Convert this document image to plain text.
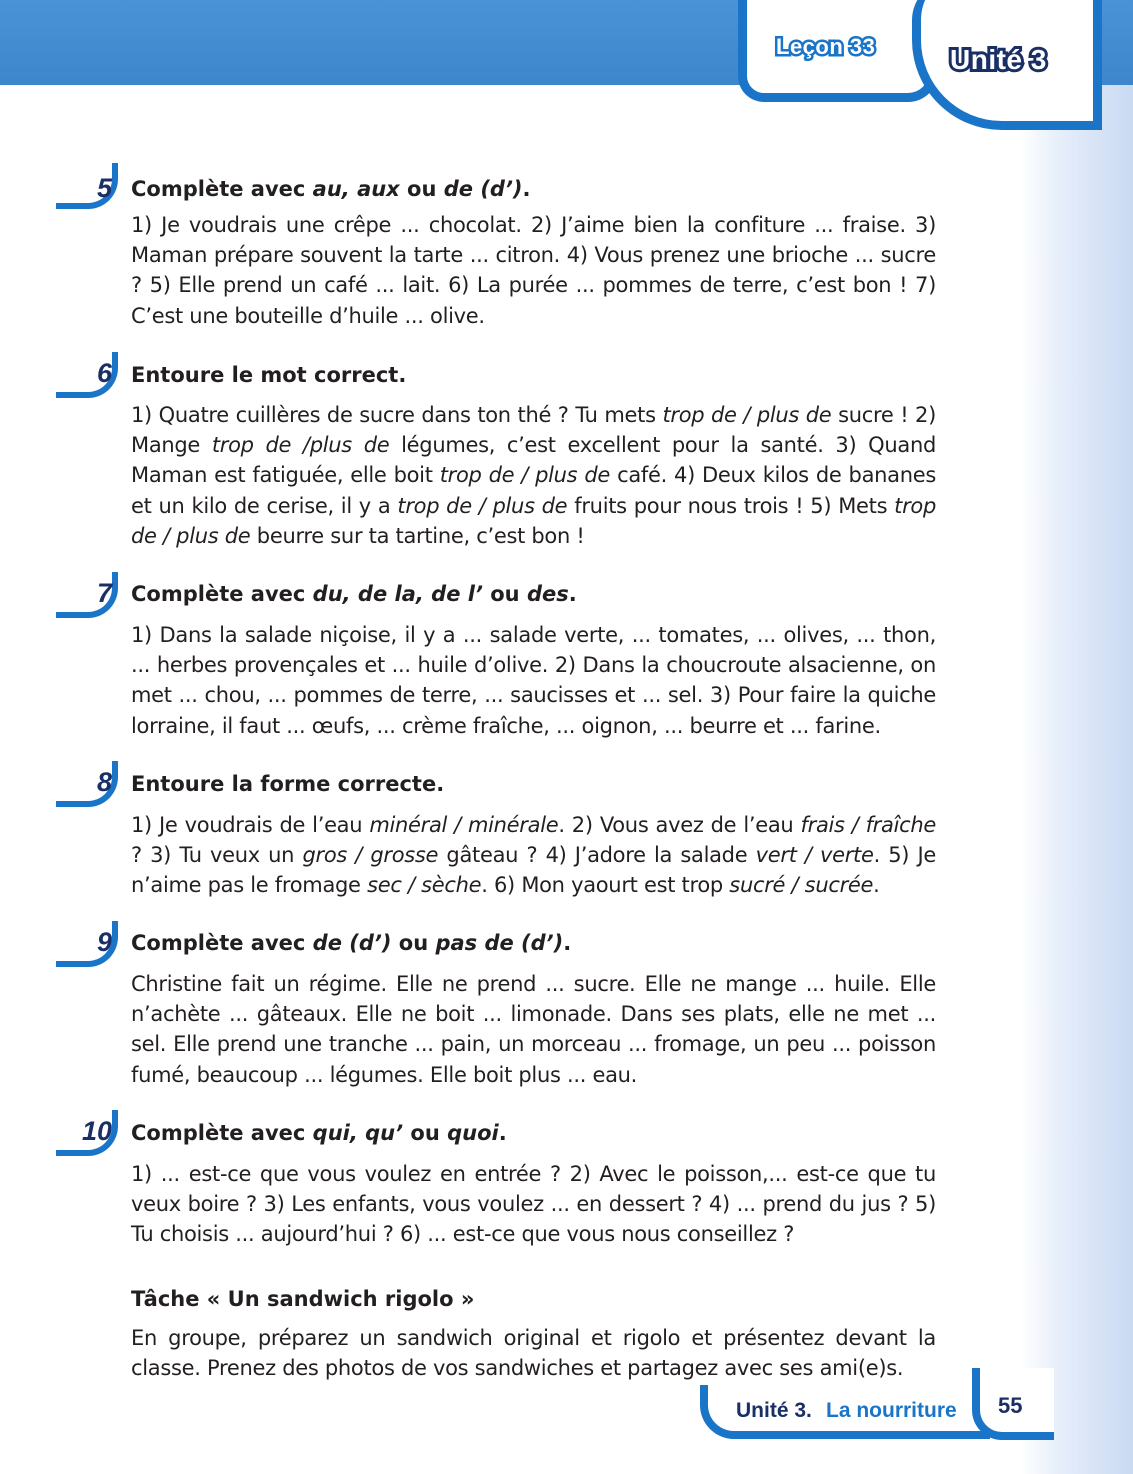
Leçon 33	Unité 3
5 Complète avec au, aux ou de (d’).
1) Je voudrais une crêpe ... chocolat. 2) J’aime bien la confiture ... fraise. 3) Maman prépare souvent la tarte ... citron. 4) Vous prenez une brioche ... sucre ? 5) Elle prend un café ... lait. 6) La purée ... pommes de terre, c’est bon ! 7) C’est une bouteille d’huile ... olive.
6 Entoure le mot correct.
1) Quatre cuillères de sucre dans ton thé ? Tu mets trop de / plus de sucre ! 2) Mange trop de /plus de légumes, c’est excellent pour la santé. 3) Quand Maman est fatiguée, elle boit trop de / plus de café. 4) Deux kilos de bananes et un kilo de cerise, il y a trop de / plus de fruits pour nous trois ! 5) Mets trop de / plus de beurre sur ta tartine, c’est bon !
7 Complète avec du, de la, de l’ ou des.
1) Dans la salade niçoise, il y a ... salade verte, ... tomates, ... olives, ... thon, ... herbes provençales et ... huile d’olive. 2) Dans la choucroute alsacienne, on met ... chou, ... pommes de terre, ... saucisses et ... sel. 3) Pour faire la quiche lorraine, il faut ... œufs, ... crème fraîche, ... oignon, ... beurre et ... farine.
8 Entoure la forme correcte.
1) Je voudrais de l’eau minéral / minérale. 2) Vous avez de l’eau frais / fraîche ? 3) Tu veux un gros / grosse gâteau ? 4) J’adore la salade vert / verte. 5) Je n’aime pas le fromage sec / sèche. 6) Mon yaourt est trop sucré / sucrée.
9 Complète avec de (d’) ou pas de (d’).
Christine fait un régime. Elle ne prend ... sucre. Elle ne mange ... huile. Elle n’achète ... gâteaux. Elle ne boit ... limonade. Dans ses plats, elle ne met ... sel. Elle prend une tranche ... pain, un morceau ... fromage, un peu ... poisson fumé, beaucoup ... légumes. Elle boit plus ... eau.
10 Complète avec qui, qu’ ou quoi.
1) ... est-ce que vous voulez en entrée ? 2) Avec le poisson,... est-ce que tu veux boire ? 3) Les enfants, vous voulez ... en dessert ? 4) ... prend du jus ? 5) Tu choisis ... aujourd’hui ? 6) ... est-ce que vous nous conseillez ?
Tâche « Un sandwich rigolo »
En groupe, préparez un sandwich original et rigolo et présentez devant la classe. Prenez des photos de vos sandwiches et partagez avec ses ami(e)s.
Unité 3. La nourriture 55
